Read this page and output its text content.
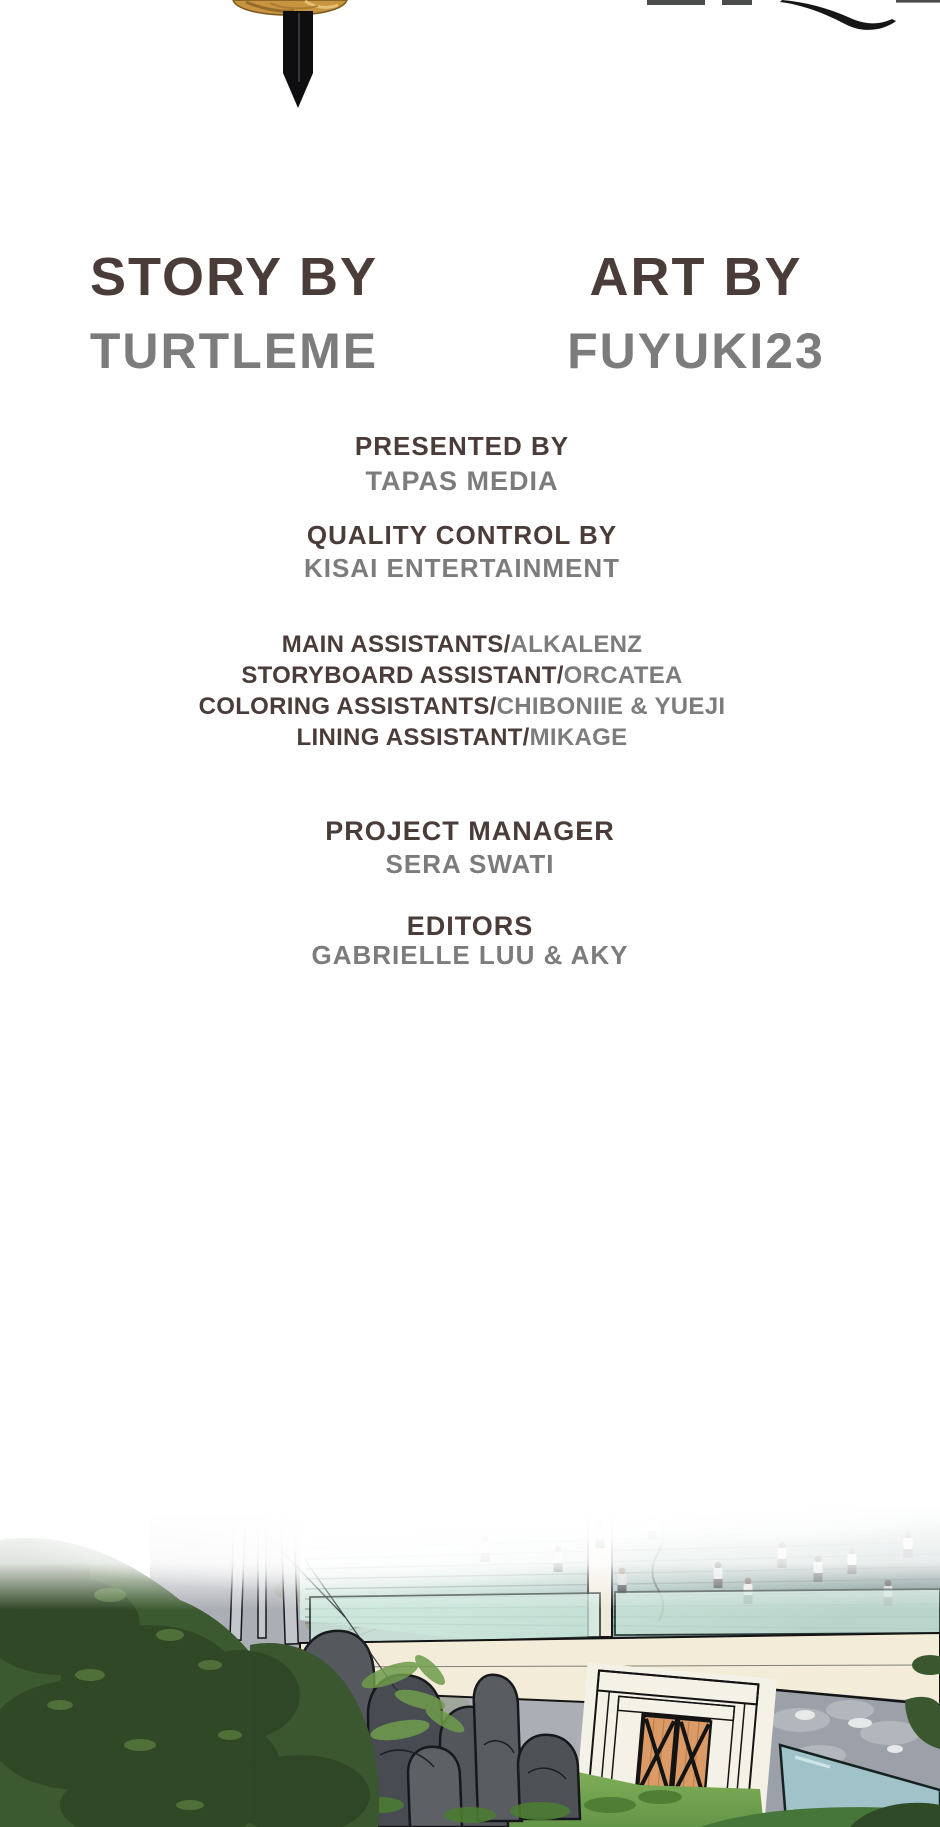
STORY BY
TURTLEME
ART BY
FUYUKI23
PRESENTED BY
TAPAS MEDIA
QUALITY CONTROL BY
KISAI ENTERTAINMENT
MAIN ASSISTANTS/ALKALENZ
STORYBOARD ASSISTANT/ORCATEA
COLORING ASSISTANTS/CHIBONIIE & YUEJI
LINING ASSISTANT/MIKAGE
PROJECT MANAGER
SERA SWATI
EDITORS
GABRIELLE LUU & AKY
